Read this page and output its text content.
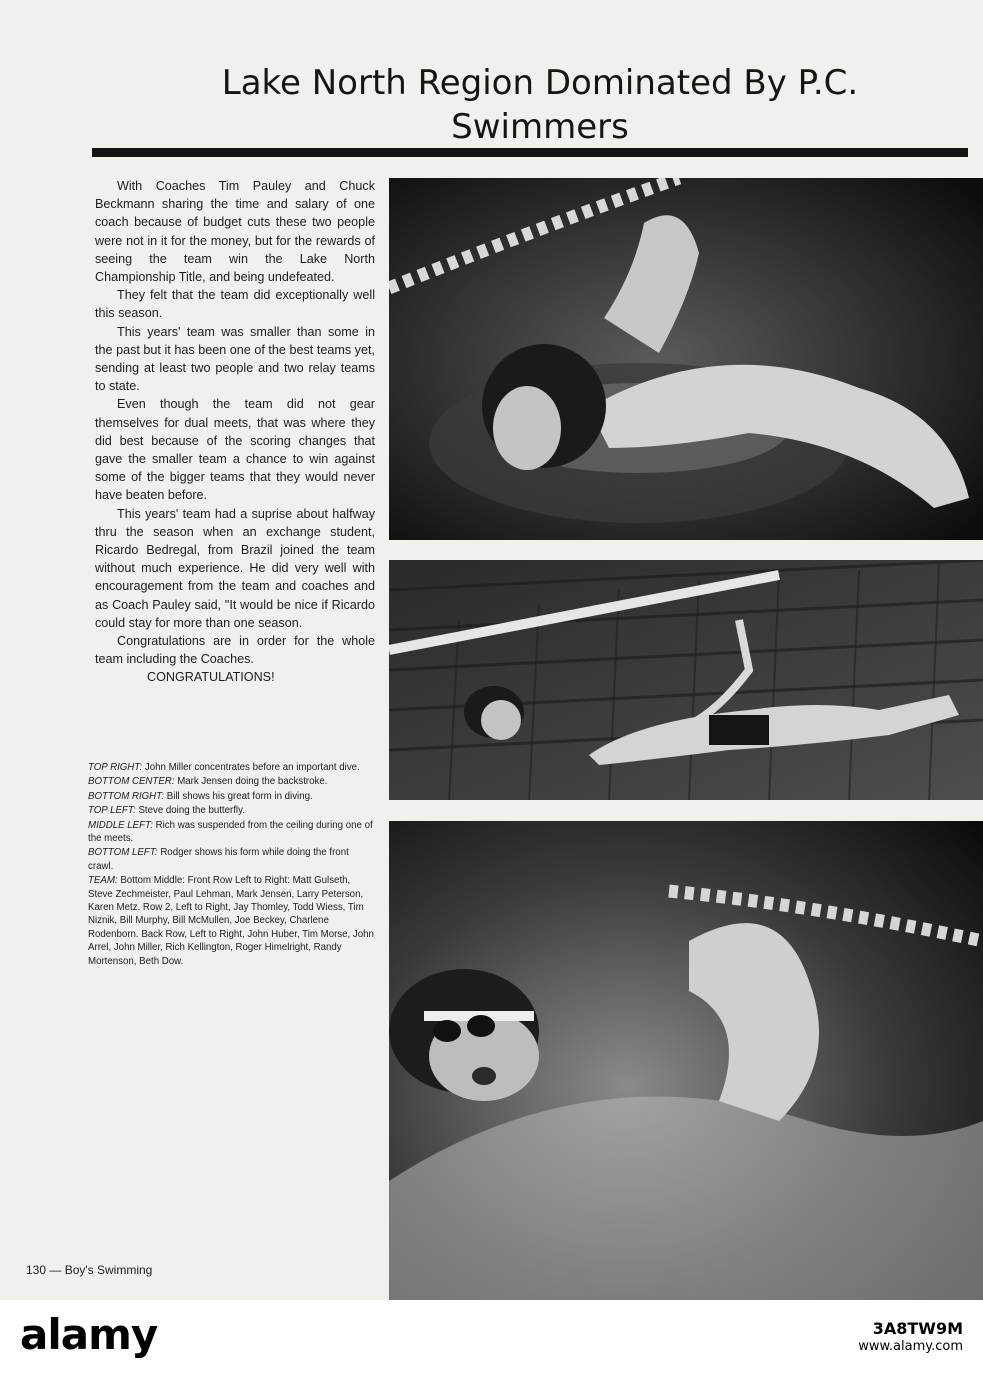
Lake North Region Dominated By P.C.
Swimmers

With Coaches Tim Pauley and Chuck Beckmann sharing the time and salary of one coach because of budget cuts these two people were not in it for the money, but for the rewards of seeing the team win the Lake North Championship Title, and being undefeated.

They felt that the team did exceptionally well this season.

This years' team was smaller than some in the past but it has been one of the best teams yet, sending at least two people and two relay teams to state.

Even though the team did not gear themselves for dual meets, that was where they did best because of the scoring changes that gave the smaller team a chance to win against some of the bigger teams that they would never have beaten before.

This years' team had a suprise about halfway thru the season when an exchange student, Ricardo Bedregal, from Brazil joined the team without much experience. He did very well with encouragement from the team and coaches and as Coach Pauley said, "It would be nice if Ricardo could stay for more than one season.

Congratulations are in order for the whole team including the Coaches.

CONGRATULATIONS!

TOP RIGHT: John Miller concentrates before an important dive.

BOTTOM CENTER: Mark Jensen doing the backstroke.

BOTTOM RIGHT: Bill shows his great form in diving.

TOP LEFT: Steve doing the butterfly.

MIDDLE LEFT: Rich was suspended from the ceiling during one of the meets.

BOTTOM LEFT: Rodger shows his form while doing the front crawl.

TEAM: Bottom Middle: Front Row Left to Right: Matt Gulseth, Steve Zechmeister, Paul Lehman, Mark Jensen, Larry Peterson, Karen Metz. Row 2, Left to Right, Jay Thomley, Todd Wiess, Tim Niznik, Bill Murphy, Bill McMullen, Joe Beckey, Charlene Rodenborn. Back Row, Left to Right, John Huber, Tim Morse, John Arrel, John Miller, Rich Kellington, Roger Himelright, Randy Mortenson, Beth Dow.

130 — Boy's Swimming
alamy	3A8TW9M
www.alamy.com
